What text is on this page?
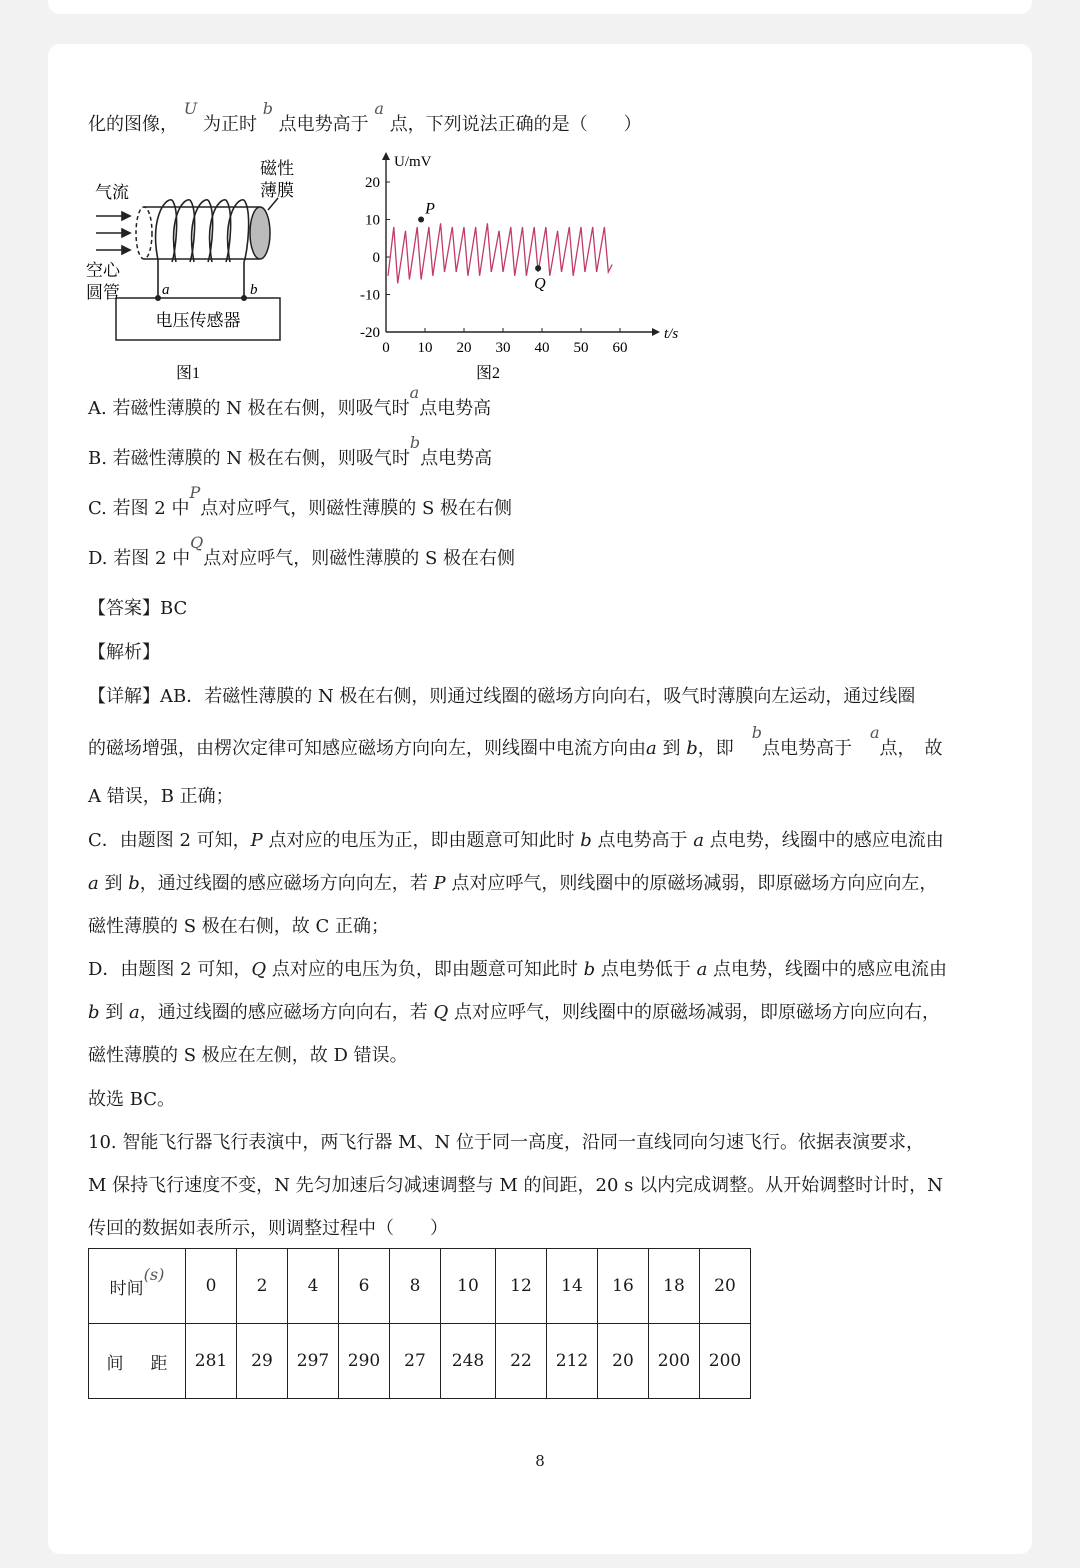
化的图像， U 为正时 b 点电势高于 a 点，下列说法正确的是（　　）
气流
磁性
薄膜
空心
圆管	a	b
电压传感器
图1
20
10
0
-10
-20
0 10 20 30 40 50 60
P
Q
U/mV
t/s
图2
A. 若磁性薄膜的 N 极在右侧，则吸气时a点电势高
B. 若磁性薄膜的 N 极在右侧，则吸气时b点电势高
C. 若图 2 中P点对应呼气，则磁性薄膜的 S 极在右侧
D. 若图 2 中Q点对应呼气，则磁性薄膜的 S 极在右侧
【答案】BC
【解析】
【详解】AB．若磁性薄膜的 N 极在右侧，则通过线圈的磁场方向向右，吸气时薄膜向左运动，通过线圈
的磁场增强，由楞次定律可知感应磁场方向向左，则线圈中电流方向由a 到 b，即　b点电势高于　a点，　故
A 错误，B 正确；
C．由题图 2 可知，P 点对应的电压为正，即由题意可知此时 b 点电势高于 a 点电势，线圈中的感应电流由
a 到 b，通过线圈的感应磁场方向向左，若 P 点对应呼气，则线圈中的原磁场减弱，即原磁场方向应向左，
磁性薄膜的 S 极在右侧，故 C 正确；
D．由题图 2 可知，Q 点对应的电压为负，即由题意可知此时 b 点电势低于 a 点电势，线圈中的感应电流由
b 到 a，通过线圈的感应磁场方向向右，若 Q 点对应呼气，则线圈中的原磁场减弱，即原磁场方向应向右，
磁性薄膜的 S 极应在左侧，故 D 错误。
故选 BC。
10. 智能飞行器飞行表演中，两飞行器 M、N 位于同一高度，沿同一直线同向匀速飞行。依据表演要求，
M 保持飞行速度不变，N 先匀加速后匀减速调整与 M 的间距，20 s 以内完成调整。从开始调整时计时，N
传回的数据如表所示，则调整过程中（　　）
时间(s)	0	2	4	6	8	10	12	14	16	18	20
间 距	281	29	297	290	27	248	22	212	20	200	200
8
